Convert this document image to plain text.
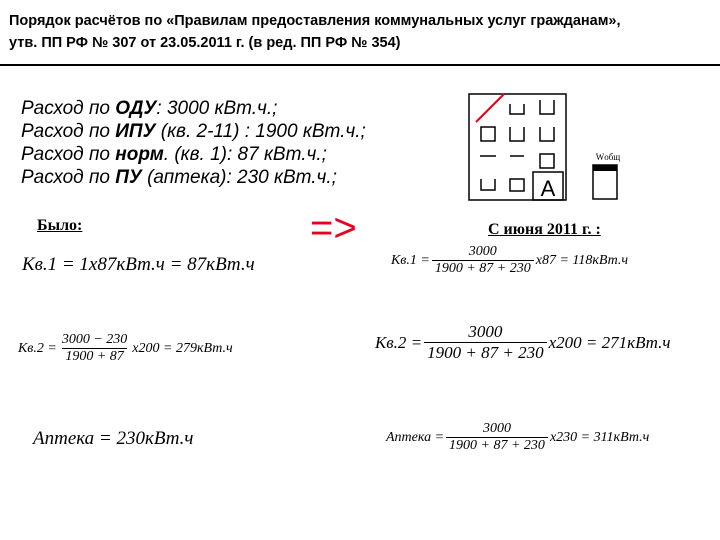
Порядок расчётов по «Правилам предоставления коммунальных услуг гражданам»,
утв. ПП РФ № 307 от 23.05.2011 г. (в ред. ПП РФ № 354)
Расход по ОДУ: 3000 кВт.ч.;
Расход по ИПУ (кв. 2-11) : 1900 кВт.ч.;
Расход по норм. (кв. 1): 87 кВт.ч.;
Расход по ПУ (аптека): 230 кВт.ч.;	А
Wобщ
Было:	=>	С июня 2011 г. :
Кв.1 = 1x87кВт.ч = 87кВт.ч
$Кв.2 = \frac{3000 - 230}{1900 + 87} x200 = 279кВт.ч$
Аптека = 230кВт.ч
$Кв.1 = \frac{3000}{1900 + 87 + 230} x87 = 118кВт.ч$
$Кв.2 = \frac{3000}{1900 + 87 + 230} x200 = 271кВт.ч$
Аптека = $\frac{3000}{1900 + 87 + 230} x230 = 311кВт.ч$
